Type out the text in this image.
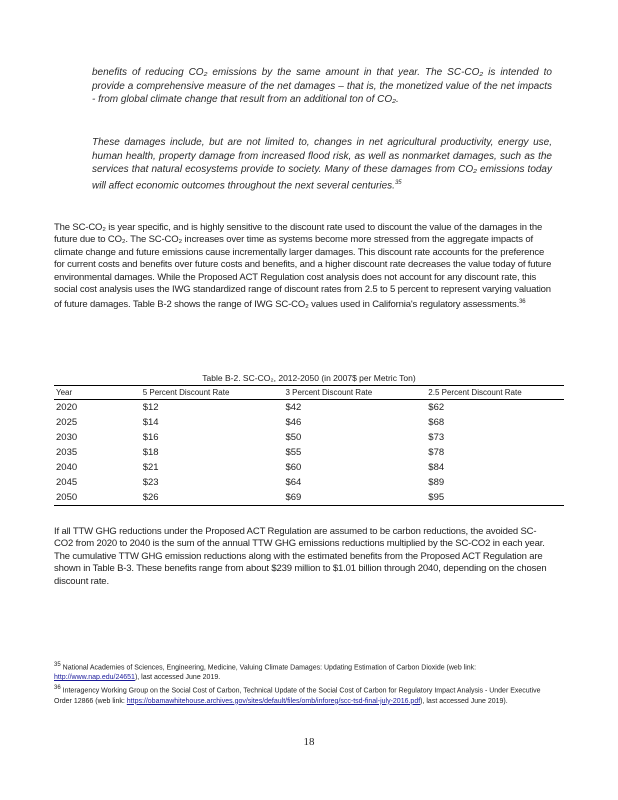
benefits of reducing CO₂ emissions by the same amount in that year. The SC-CO₂ is intended to provide a comprehensive measure of the net damages – that is, the monetized value of the net impacts - from global climate change that result from an additional ton of CO₂.

These damages include, but are not limited to, changes in net agricultural productivity, energy use, human health, property damage from increased flood risk, as well as nonmarket damages, such as the services that natural ecosystems provide to society. Many of these damages from CO₂ emissions today will affect economic outcomes throughout the next several centuries.$^{35}$

The SC-CO₂ is year specific, and is highly sensitive to the discount rate used to discount the value of the damages in the future due to CO₂. The SC-CO₂ increases over time as systems become more stressed from the aggregate impacts of climate change and future emissions cause incrementally larger damages. This discount rate accounts for the preference for current costs and benefits over future costs and benefits, and a higher discount rate decreases the value today of future environmental damages. While the Proposed ACT Regulation cost analysis does not account for any discount rate, this social cost analysis uses the IWG standardized range of discount rates from 2.5 to 5 percent to represent varying valuation of future damages. Table B-2 shows the range of IWG SC-CO₂ values used in California's regulatory assessments.$^{36}$

Table B-2. SC-CO₂, 2012-2050 (in 2007$ per Metric Ton)
Year	5 Percent Discount Rate	3 Percent Discount Rate	2.5 Percent Discount Rate
2020	$12	$42	$62
2025	$14	$46	$68
2030	$16	$50	$73
2035	$18	$55	$78
2040	$21	$60	$84
2045	$23	$64	$89
2050	$26	$69	$95

If all TTW GHG reductions under the Proposed ACT Regulation are assumed to be carbon reductions, the avoided SC-CO2 from 2020 to 2040 is the sum of the annual TTW GHG emissions reductions multiplied by the SC-CO2 in each year. The cumulative TTW GHG emission reductions along with the estimated benefits from the Proposed ACT Regulation are shown in Table B-3. These benefits range from about $239 million to $1.01 billion through 2040, depending on the chosen discount rate.

$^{35}$ National Academies of Sciences, Engineering, Medicine, Valuing Climate Damages: Updating Estimation of Carbon Dioxide (web link: http://www.nap.edu/24651), last accessed June 2019.

$^{36}$ Interagency Working Group on the Social Cost of Carbon, Technical Update of the Social Cost of Carbon for Regulatory Impact Analysis - Under Executive Order 12866 (web link: https://obamawhitehouse.archives.gov/sites/default/files/omb/inforeg/scc-tsd-final-july-2016.pdf), last accessed June 2019).

18
